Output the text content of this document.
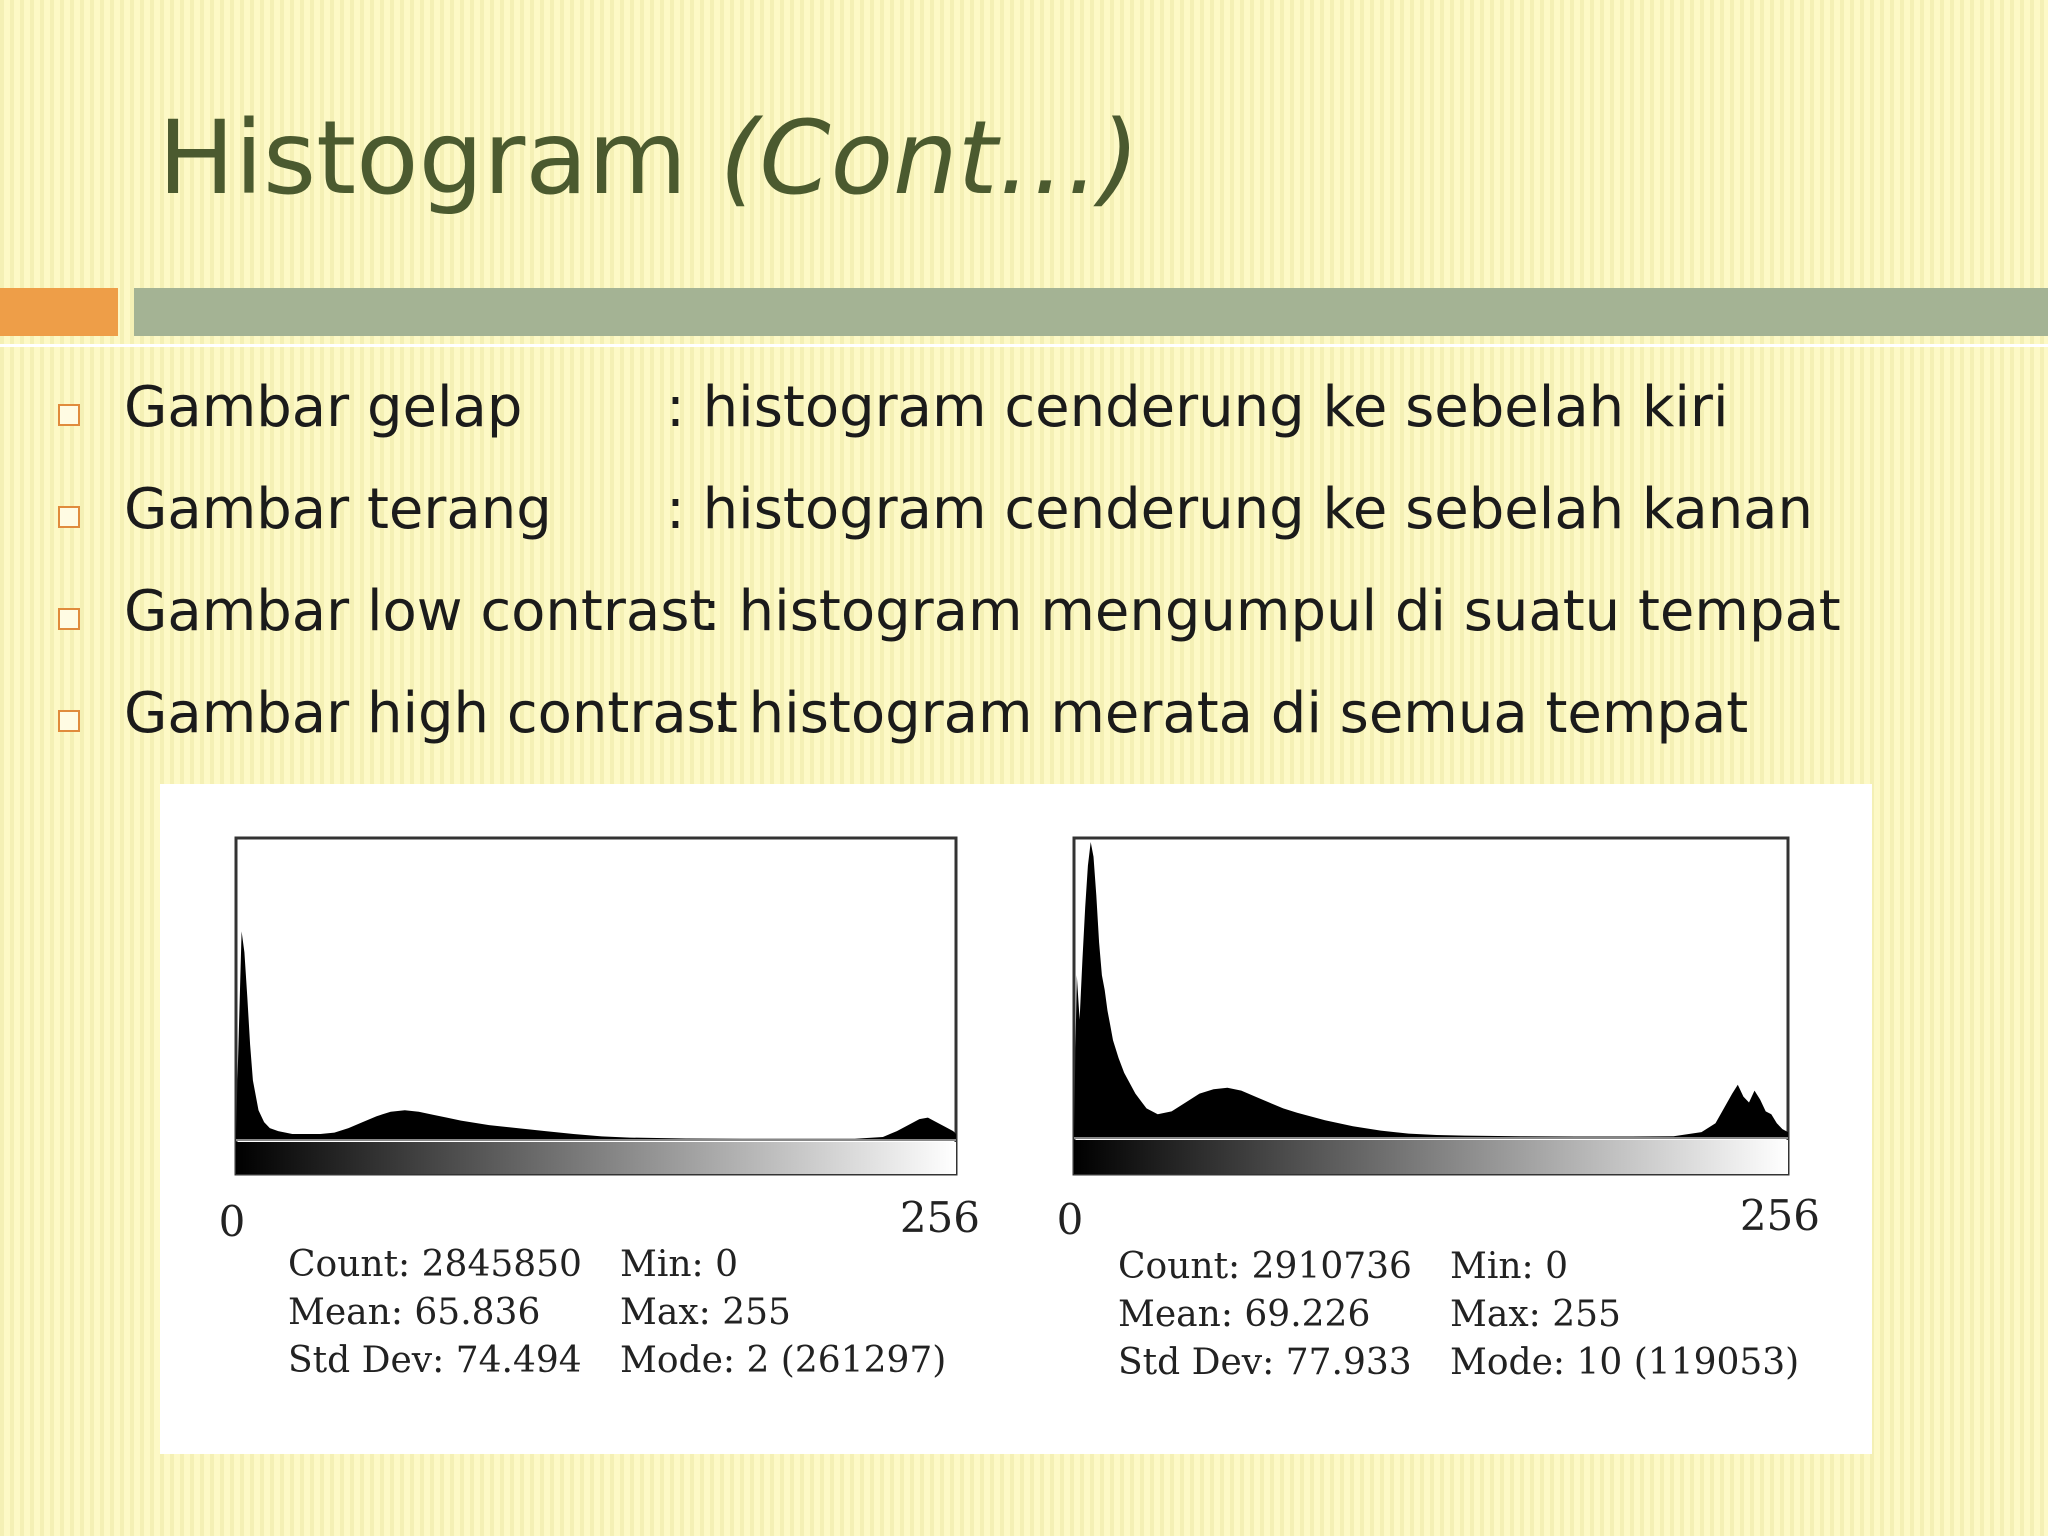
Histogram (Cont…)
Gambar gelap	: histogram cenderung ke sebelah kiri
Gambar terang : histogram cenderung ke sebelah kanan
Gambar low contrast
: histogram mengumpul di suatu tempat
Gambar high contrast
: histogram merata di semua tempat
0	256
Count: 2845850 Min: 0
Mean: 65.836 Max: 255
Std Dev: 74.494 Mode: 2 (261297)
0	256
Count: 2910736 Min: 0
Mean: 69.226 Max: 255
Std Dev: 77.933 Mode: 10 (119053)
